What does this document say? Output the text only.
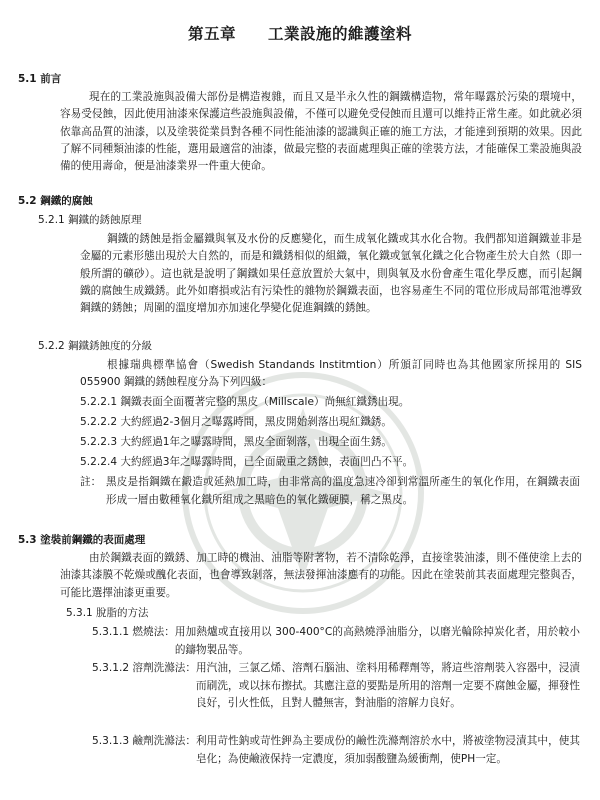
第五章　　工業設施的維護塗料
5.1 前言

現在的工業設施與設備大部份是構造複雜，而且又是半永久性的鋼鐵構造物，常年曝露於污染的環境中，容易受侵蝕，因此使用油漆來保護這些設施與設備，不僅可以避免受侵蝕而且還可以維持正常生產。如此就必須依靠高品質的油漆，以及塗裝從業員對各種不同性能油漆的認識與正確的施工方法，才能達到預期的效果。因此了解不同種類油漆的性能，選用最適當的油漆，做最完整的表面處理與正確的塗裝方法，才能確保工業設施與設備的使用壽命，便是油漆業界一件重大使命。

5.2 鋼鐵的腐蝕
5.2.1 鋼鐵的銹蝕原理

鋼鐵的銹蝕是指金屬鐵與氧及水份的反應變化，而生成氧化鐵或其水化合物。我們都知道鋼鐵並非是金屬的元素形態出現於大自然的，而是和鐵銹相似的組織，氧化鐵或氫氧化鐵之化合物產生於大自然（即一般所謂的礦砂）。這也就是說明了鋼鐵如果任意放置於大氣中，則與氧及水份會產生電化學反應，而引起鋼鐵的腐蝕生成鐵銹。此外如磨損或沾有污染性的雜物於鋼鐵表面，也容易產生不同的電位形成局部電池導致鋼鐵的銹蝕；周圍的溫度增加亦加速化學變化促進鋼鐵的銹蝕。

5.2.2 鋼鐵銹蝕度的分級

根據瑞典標準協會（Swedish Standands Institmtion）所頒訂同時也為其他國家所採用的 SIS 055900 鋼鐵的銹蝕程度分為下列四級：

5.2.2.1 鋼鐵表面全面覆著完整的黑皮（Millscale）尚無紅鐵銹出現。
5.2.2.2 大約經過2-3個月之曝露時間，黑皮開始剝落出現紅鐵銹。
5.2.2.3 大約經過1年之曝露時間，黑皮全面剝落，出現全面生銹。
5.2.2.4 大約經過3年之曝露時間，已全面嚴重之銹蝕，表面凹凸不平。
註： 黑皮是指鋼鐵在鍛造或延熱加工時，由非常高的溫度急速冷卻到常溫所產生的氧化作用，在鋼鐵表面形成一層由數種氧化鐵所組成之黑暗色的氧化鐵硬膜，稱之黑皮。
5.3 塗裝前鋼鐵的表面處理

由於鋼鐵表面的鐵銹、加工時的機油、油脂等附著物，若不清除乾淨，直接塗裝油漆，則不僅使塗上去的油漆其漆膜不乾燥或醜化表面，也會導致剝落，無法發揮油漆應有的功能。因此在塗裝前其表面處理完整與否，可能比選擇油漆更重要。

5.3.1 脫脂的方法
5.3.1.1 燃燒法： 用加熱爐或直接用以 300-400°C的高熱燒淨油脂分，以磨光輪除掉炭化者，用於較小的鑄物製品等。
5.3.1.2 溶劑洗滌法： 用汽油，三氯乙烯、溶劑石腦油、塗料用稀釋劑等，將這些溶劑裝入容器中，浸漬而刷洗，或以抹布擦拭。其應注意的要點是所用的溶劑一定要不腐蝕金屬，揮發性良好，引火性低，且對人體無害，對油脂的溶解力良好。
5.3.1.3 鹼劑洗滌法： 利用苛性鈉或苛性鉀為主要成份的鹼性洗滌劑溶於水中，將被塗物浸漬其中，使其皂化；為使鹼液保持一定濃度，須加弱酸鹽為緩衝劑，使PH一定。
